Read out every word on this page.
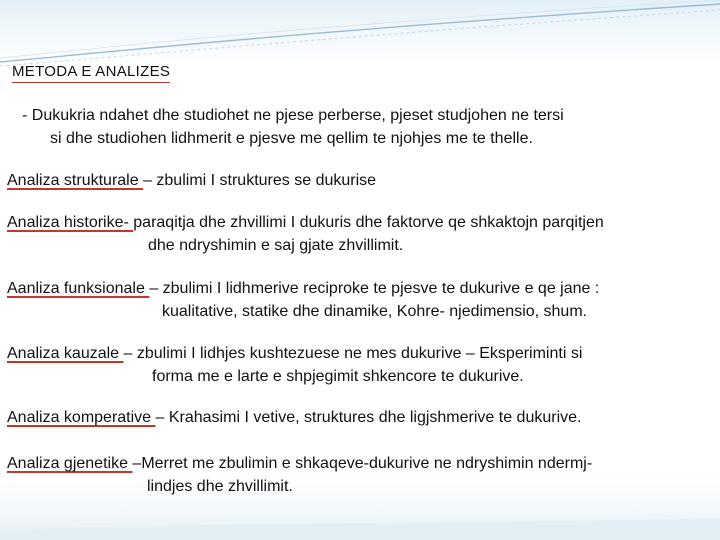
METODA E ANALIZES
- Dukukria ndahet dhe studiohet ne pjese perberse, pjeset studjohen ne tersi
si dhe studiohen lidhmerit e pjesve me qellim te njohjes me te thelle.
Analiza strukturale – zbulimi I struktures se dukurise
Analiza historike- paraqitja dhe zhvillimi I dukuris dhe faktorve qe shkaktojn parqitjen
dhe ndryshimin e saj gjate zhvillimit.
Aanliza funksionale – zbulimi I lidhmerive reciproke te pjesve te dukurive e qe jane :
kualitative, statike dhe dinamike, Kohre- njedimensio, shum.
Analiza kauzale – zbulimi I lidhjes kushtezuese ne mes dukurive – Eksperiminti si
forma me e larte e shpjegimit shkencore te dukurive.
Analiza komperative – Krahasimi I vetive, struktures dhe ligjshmerive te dukurive.
Analiza gjenetike –Merret me zbulimin e shkaqeve-dukurive ne ndryshimin ndermj-
lindjes dhe zhvillimit.
